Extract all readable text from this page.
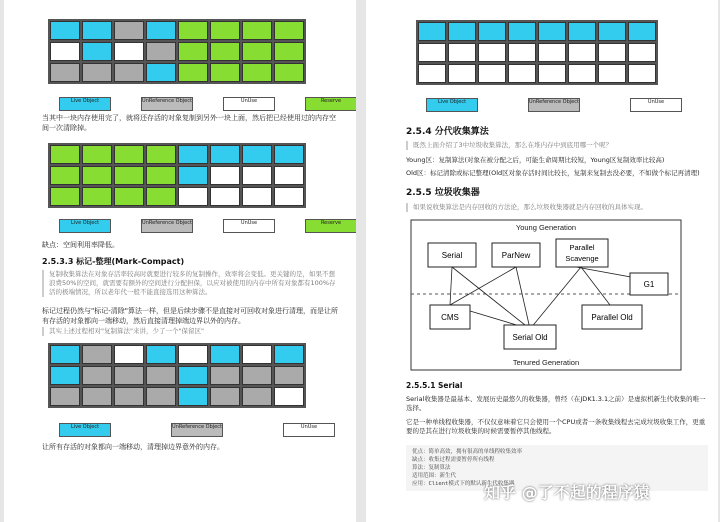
Live Object	UnReference Object	UnUse	Reserve
当其中一块内存使用完了，就将还存活的对象复制到另外一块上面，然后把已经使用过的内存空间一次清除掉。
Live Object	UnReference Object	UnUse	Reserve
缺点：空间利用率降低。
2.5.3.3 标记-整理(Mark-Compact)
复制收集算法在对象存活率较高时就要进行较多的复制操作，效率将会变低。更关键的是，如果不想浪费50%的空间，就需要有额外的空间进行分配担保，以应对被使用的内存中所有对象都有100%存活的极端情况，所以老年代一般不能直接选用这种算法。
标记过程仍然与"标记-清除"算法一样，但是后续步骤不是直接对可回收对象进行清理，而是让所有存活的对象都向一端移动，然后直接清理掉端边界以外的内存。
其实上述过程相对"复制算法"来讲，少了一个"保留区"
Live Object	UnReference Object	UnUse
让所有存活的对象都向一端移动，清理掉边界意外的内存。
Live Object	UnReference Object	UnUse
2.5.4 分代收集算法
既然上面介绍了3中垃圾收集算法，那么在堆内存中到底用哪一个呢？
Young区：复制算法(对象在被分配之后，可能生命周期比较短，Young区复制效率比较高)
Old区：标记清除或标记整理(Old区对象存活时间比较长，复制来复制去没必要，不如做个标记再清理)
2.5.5 垃圾收集器
如果说收集算法是内存回收的方法论，那么垃圾收集器就是内存回收的具体实现。
Young Generation
Tenured Generation
Serial	ParNew
Parallel
Scavenge
G1
CMS
Serial Old
Parallel Old
2.5.5.1 Serial
Serial收集器是最基本、发展历史最悠久的收集器，曾经（在JDK1.3.1之前）是虚拟机新生代收集的唯一选择。
它是一种单线程收集器，不仅仅意味着它只会使用一个CPU或者一条收集线程去完成垃圾收集工作，更重要的是其在进行垃圾收集的时候需要暂停其他线程。
优点：简单高效，拥有很高的单线程收集效率
缺点：收集过程需要暂停所有线程
算法：复制算法
适用范围：新生代
应用：Client模式下的默认新生代收集器
知乎 @了不起的程序猿
